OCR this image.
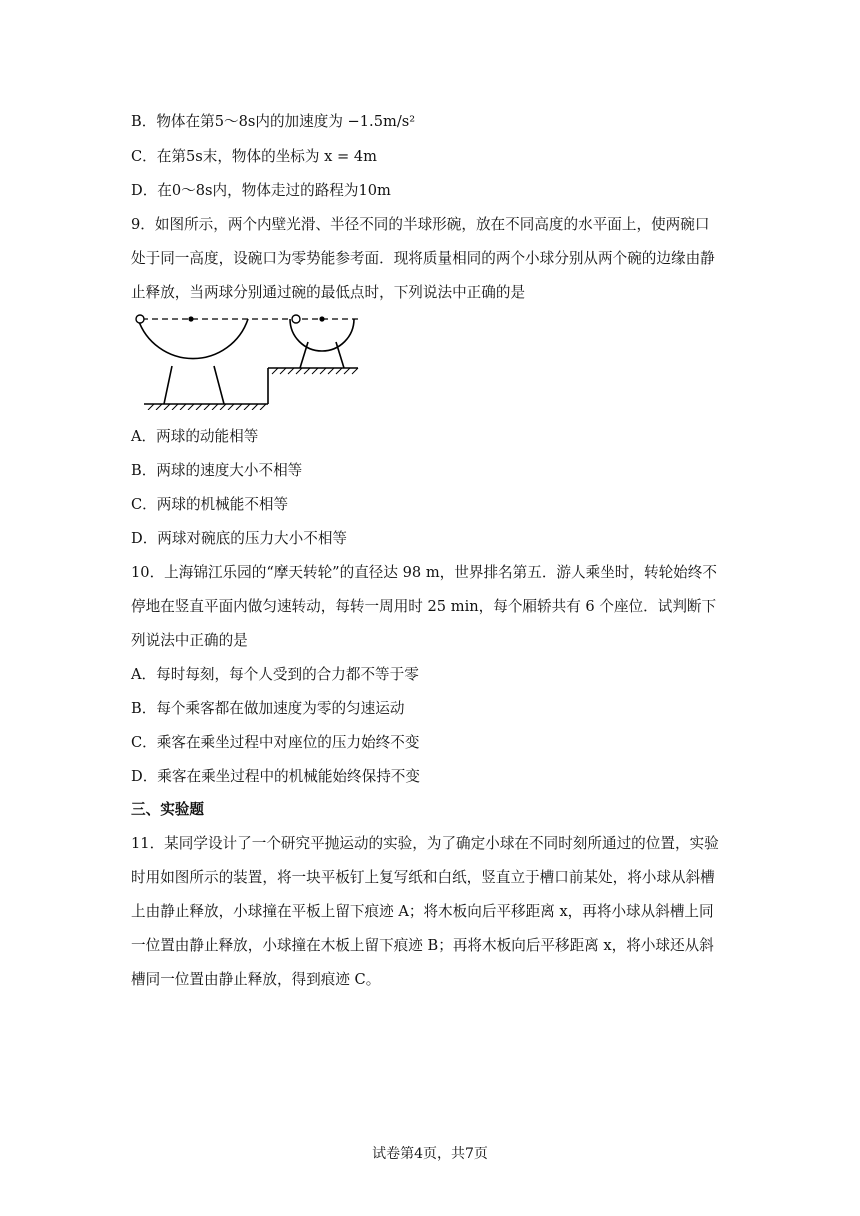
B．物体在第5～8s内的加速度为 −1.5m/s²
C．在第5s末，物体的坐标为 x = 4m
D．在0～8s内，物体走过的路程为10m
9．如图所示，两个内壁光滑、半径不同的半球形碗，放在不同高度的水平面上，使两碗口
处于同一高度，设碗口为零势能参考面．现将质量相同的两个小球分别从两个碗的边缘由静
止释放，当两球分别通过碗的最低点时，下列说法中正确的是
A．两球的动能相等
B．两球的速度大小不相等
C．两球的机械能不相等
D．两球对碗底的压力大小不相等
10．上海锦江乐园的“摩天转轮”的直径达 98 m，世界排名第五．游人乘坐时，转轮始终不
停地在竖直平面内做匀速转动，每转一周用时 25 min，每个厢轿共有 6 个座位．试判断下
列说法中正确的是
A．每时每刻，每个人受到的合力都不等于零
B．每个乘客都在做加速度为零的匀速运动
C．乘客在乘坐过程中对座位的压力始终不变
D．乘客在乘坐过程中的机械能始终保持不变
三、实验题
11．某同学设计了一个研究平抛运动的实验，为了确定小球在不同时刻所通过的位置，实验
时用如图所示的装置，将一块平板钉上复写纸和白纸，竖直立于槽口前某处，将小球从斜槽
上由静止释放，小球撞在平板上留下痕迹 A；将木板向后平移距离 x，再将小球从斜槽上同
一位置由静止释放，小球撞在木板上留下痕迹 B；再将木板向后平移距离 x，将小球还从斜
槽同一位置由静止释放，得到痕迹 C。
试卷第4页，共7页
